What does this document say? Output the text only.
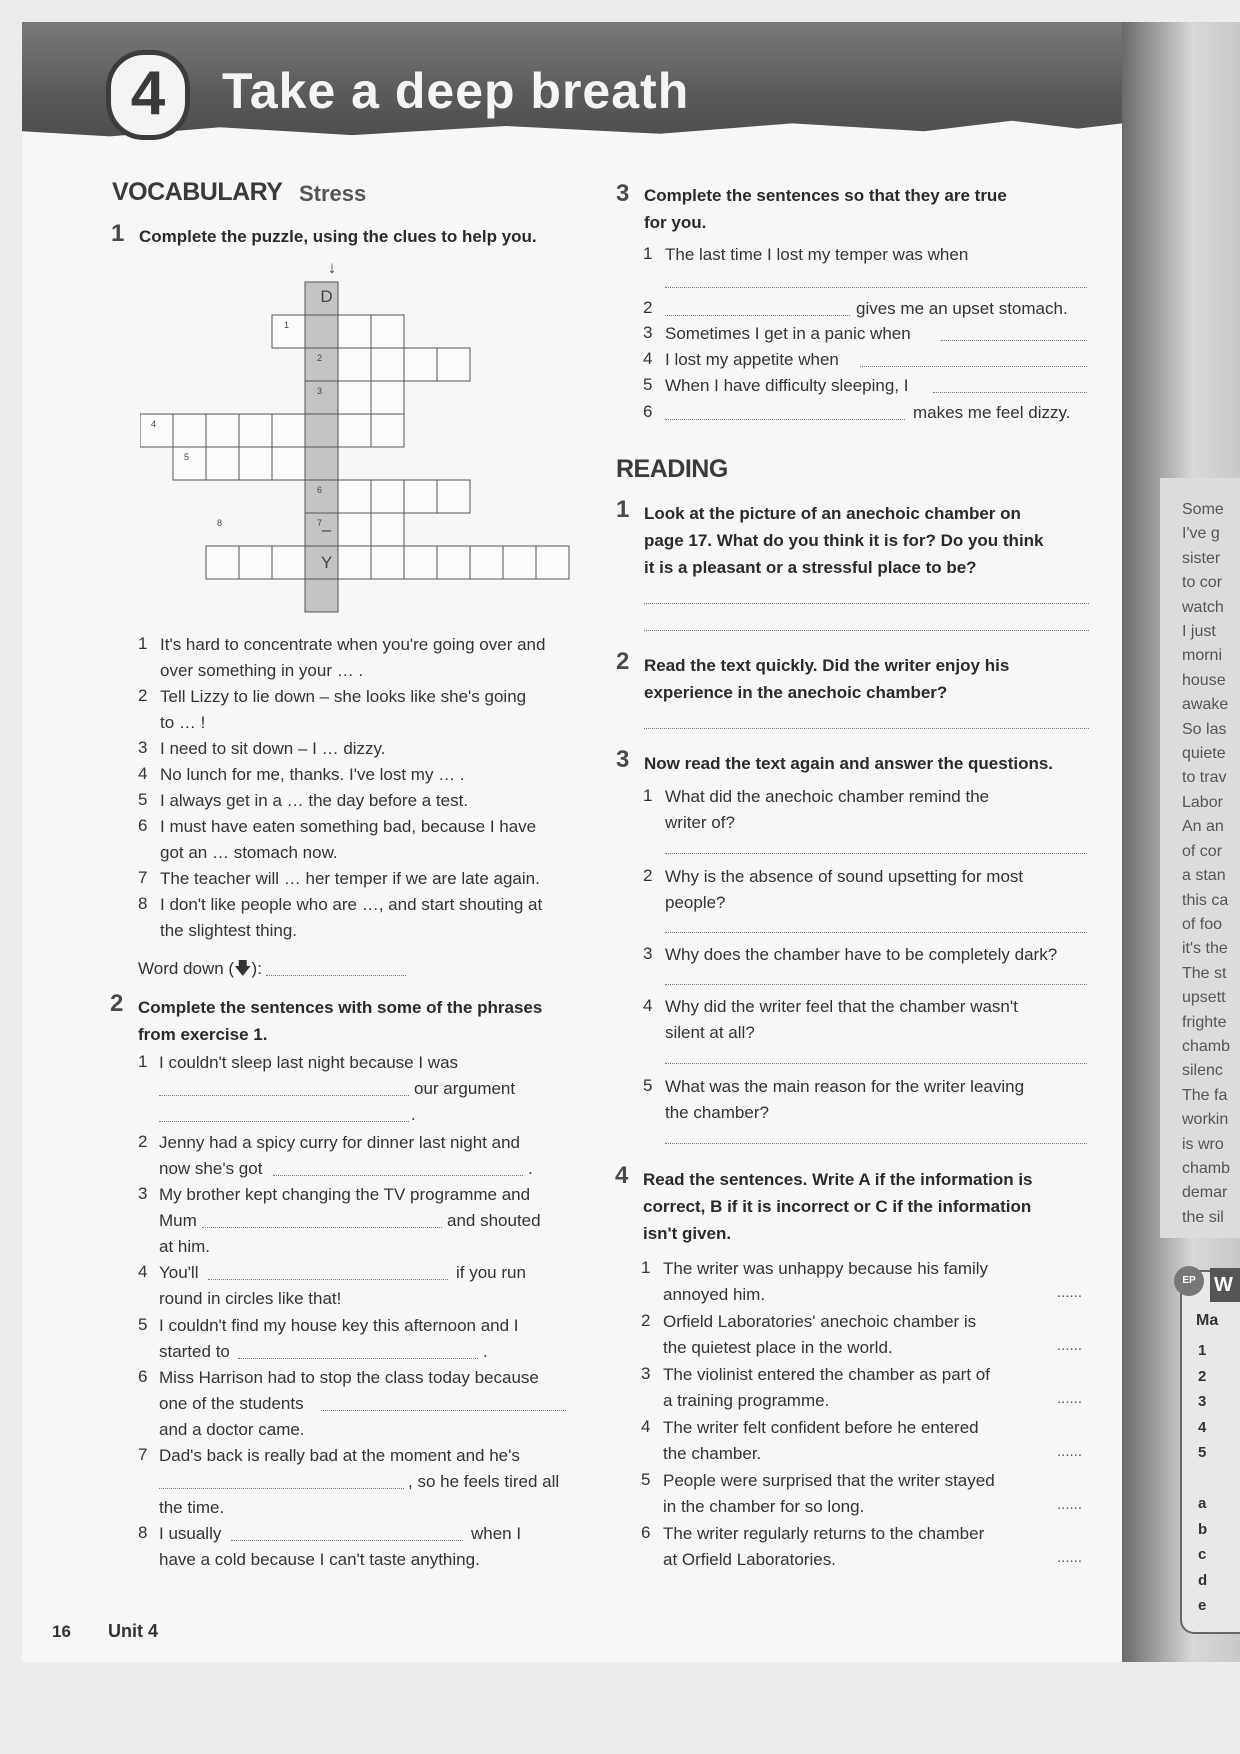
4	Take a deep breath
VOCABULARY Stress
1 Complete the puzzle, using the clues to help you.
↓
D
Y
–
1
2
3
4
5
6
7
8
1 It's hard to concentrate when you're going over and
over something in your … .
2 Tell Lizzy to lie down – she looks like she's going
to … !
3 I need to sit down – I … dizzy.
4 No lunch for me, thanks. I've lost my … .
5 I always get in a … the day before a test.
6 I must have eaten something bad, because I have
got an … stomach now.
7 The teacher will … her temper if we are late again.
8 I don't like people who are …, and start shouting at
the slightest thing.
Word down (🡇):
2 Complete the sentences with some of the phrases
from exercise 1.
1 I couldn't sleep last night because I was
our argument
.
2 Jenny had a spicy curry for dinner last night and
now she's got	.
3 My brother kept changing the TV programme and
Mum	and shouted
at him.
4 You'll	if you run
round in circles like that!
5 I couldn't find my house key this afternoon and I
started to	.
6 Miss Harrison had to stop the class today because
one of the students
and a doctor came.
7 Dad's back is really bad at the moment and he's
, so he feels tired all
the time.
8 I usually	when I
have a cold because I can't taste anything.
3 Complete the sentences so that they are true
for you.
1 The last time I lost my temper was when
2	gives me an upset stomach.
3 Sometimes I get in a panic when
4 I lost my appetite when
5 When I have difficulty sleeping, I
6	makes me feel dizzy.
READING
1 Look at the picture of an anechoic chamber on
page 17. What do you think it is for? Do you think
it is a pleasant or a stressful place to be?
2 Read the text quickly. Did the writer enjoy his
experience in the anechoic chamber?
3 Now read the text again and answer the questions.
1 What did the anechoic chamber remind the
writer of?
2 Why is the absence of sound upsetting for most
people?
3 Why does the chamber have to be completely dark?
4 Why did the writer feel that the chamber wasn't
silent at all?
5 What was the main reason for the writer leaving
the chamber?
4 Read the sentences. Write A if the information is
correct, B if it is incorrect or C if the information
isn't given.
1 The writer was unhappy because his family
annoyed him.	......
2 Orfield Laboratories' anechoic chamber is
the quietest place in the world.	......
3 The violinist entered the chamber as part of
a training programme.	......
4 The writer felt confident before he entered
the chamber.	......
5 People were surprised that the writer stayed
in the chamber for so long.	......
6 The writer regularly returns to the chamber
at Orfield Laboratories.	......
Some
I've g
sister
to cor
watch
I just
morni
house
awake
So las
quiete
to trav
Labor
An an
of cor
a stan
this ca
of foo
it's the
The st
upsett
frighte
chamb
silenc
The fa
workin
is wro
chamb
demar
the sil
EP W
Ma
1
2
3
4
5

a
b
c
d
e
16 Unit 4
